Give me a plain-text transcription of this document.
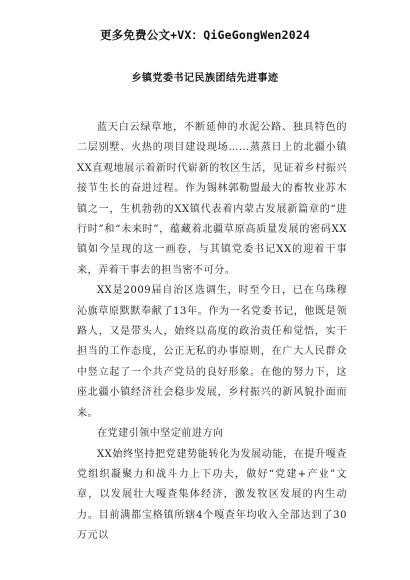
更多免费公文+VX：QiGeGongWen2024
乡镇党委书记民族团结先进事迹

蓝天白云绿草地，不断延伸的水泥公路、独具特色的二层别墅、火热的项目建设现场……蒸蒸日上的北疆小镇XX直观地展示着新时代崭新的牧区生活，见证着乡村振兴接节生长的奋进过程。作为锡林郭勒盟最大的畜牧业苏木镇之一，生机勃勃的XX镇代表着内蒙古发展新篇章的“进行时”和“未来时”，蕴藏着北疆草原高质量发展的密码XX镇如今呈现的这一画卷，与其镇党委书记XX的迎着干事来，弄着干事去的担当密不可分。

XX是2009届自治区选调生，时至今日，已在乌珠穆沁旗草原默默奉献了13年。作为一名党委书记，他既是领路人，又是带头人，始终以高度的政治责任和觉悟，实干担当的工作态度，公正无私的办事原则，在广大人民群众中竖立起了一个共产党员的良好形象。在他的努力下，这座北疆小镇经济社会稳步发展，乡村振兴的新风貌扑面而来。

在党建引领中坚定前进方向

XX始终坚持把党建势能转化为发展动能，在提升嘎查党组织凝聚力和战斗力上下功夫，做好“党建+产业”文章，以发展壮大嘎查集体经济，激发牧区发展的内生动力。目前满都宝格镇所辖4个嘎查年均收入全部达到了30万元以
